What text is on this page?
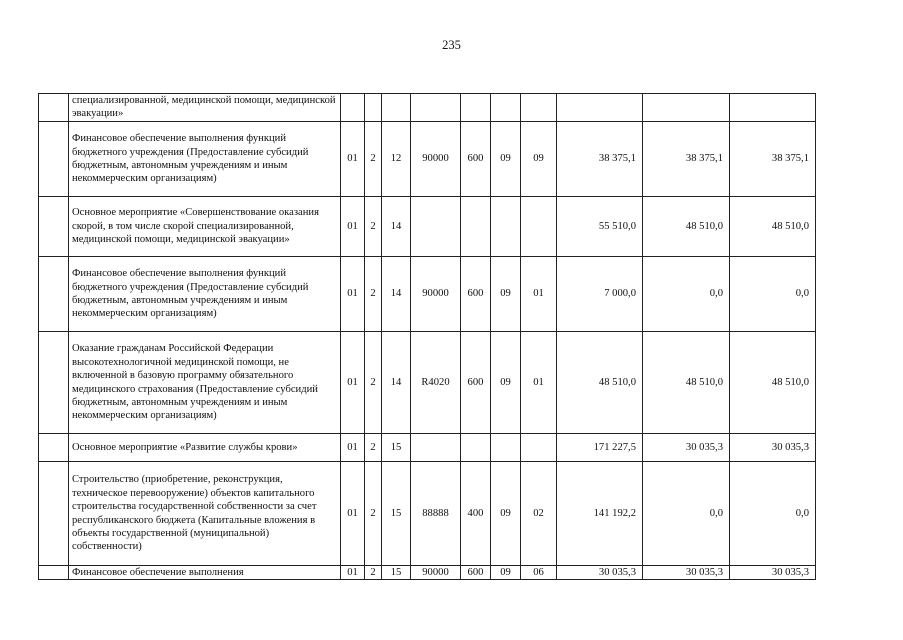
235
	специализированной, медицинской помощи, медицинской эвакуации»										
	Финансовое обеспечение выполнения функций бюджетного учреждения (Предоставление субсидий бюджетным, автономным учреждениям и иным некоммерческим организациям)	01	2	12	90000	600	09	09	38 375,1	38 375,1	38 375,1
	Основное мероприятие «Совершенствование оказания скорой, в том числе скорой специализированной, медицинской помощи, медицинской эвакуации»	01	2	14					55 510,0	48 510,0	48 510,0
	Финансовое обеспечение выполнения функций бюджетного учреждения (Предоставление субсидий бюджетным, автономным учреждениям и иным некоммерческим организациям)	01	2	14	90000	600	09	01	7 000,0	0,0	0,0
	Оказание гражданам Российской Федерации высокотехнологичной медицинской помощи, не включенной в базовую программу обязательного медицинского страхования (Предоставление субсидий бюджетным, автономным учреждениям и иным некоммерческим организациям)	01	2	14	R4020	600	09	01	48 510,0	48 510,0	48 510,0
	Основное мероприятие «Развитие службы крови»	01	2	15					171 227,5	30 035,3	30 035,3
	Строительство (приобретение, реконструкция, техническое перевооружение) объектов капитального строительства государственной собственности за счет республиканского бюджета (Капитальные вложения в объекты государственной (муниципальной) собственности)	01	2	15	88888	400	09	02	141 192,2	0,0	0,0
	Финансовое обеспечение выполнения	01	2	15	90000	600	09	06	30 035,3	30 035,3	30 035,3
